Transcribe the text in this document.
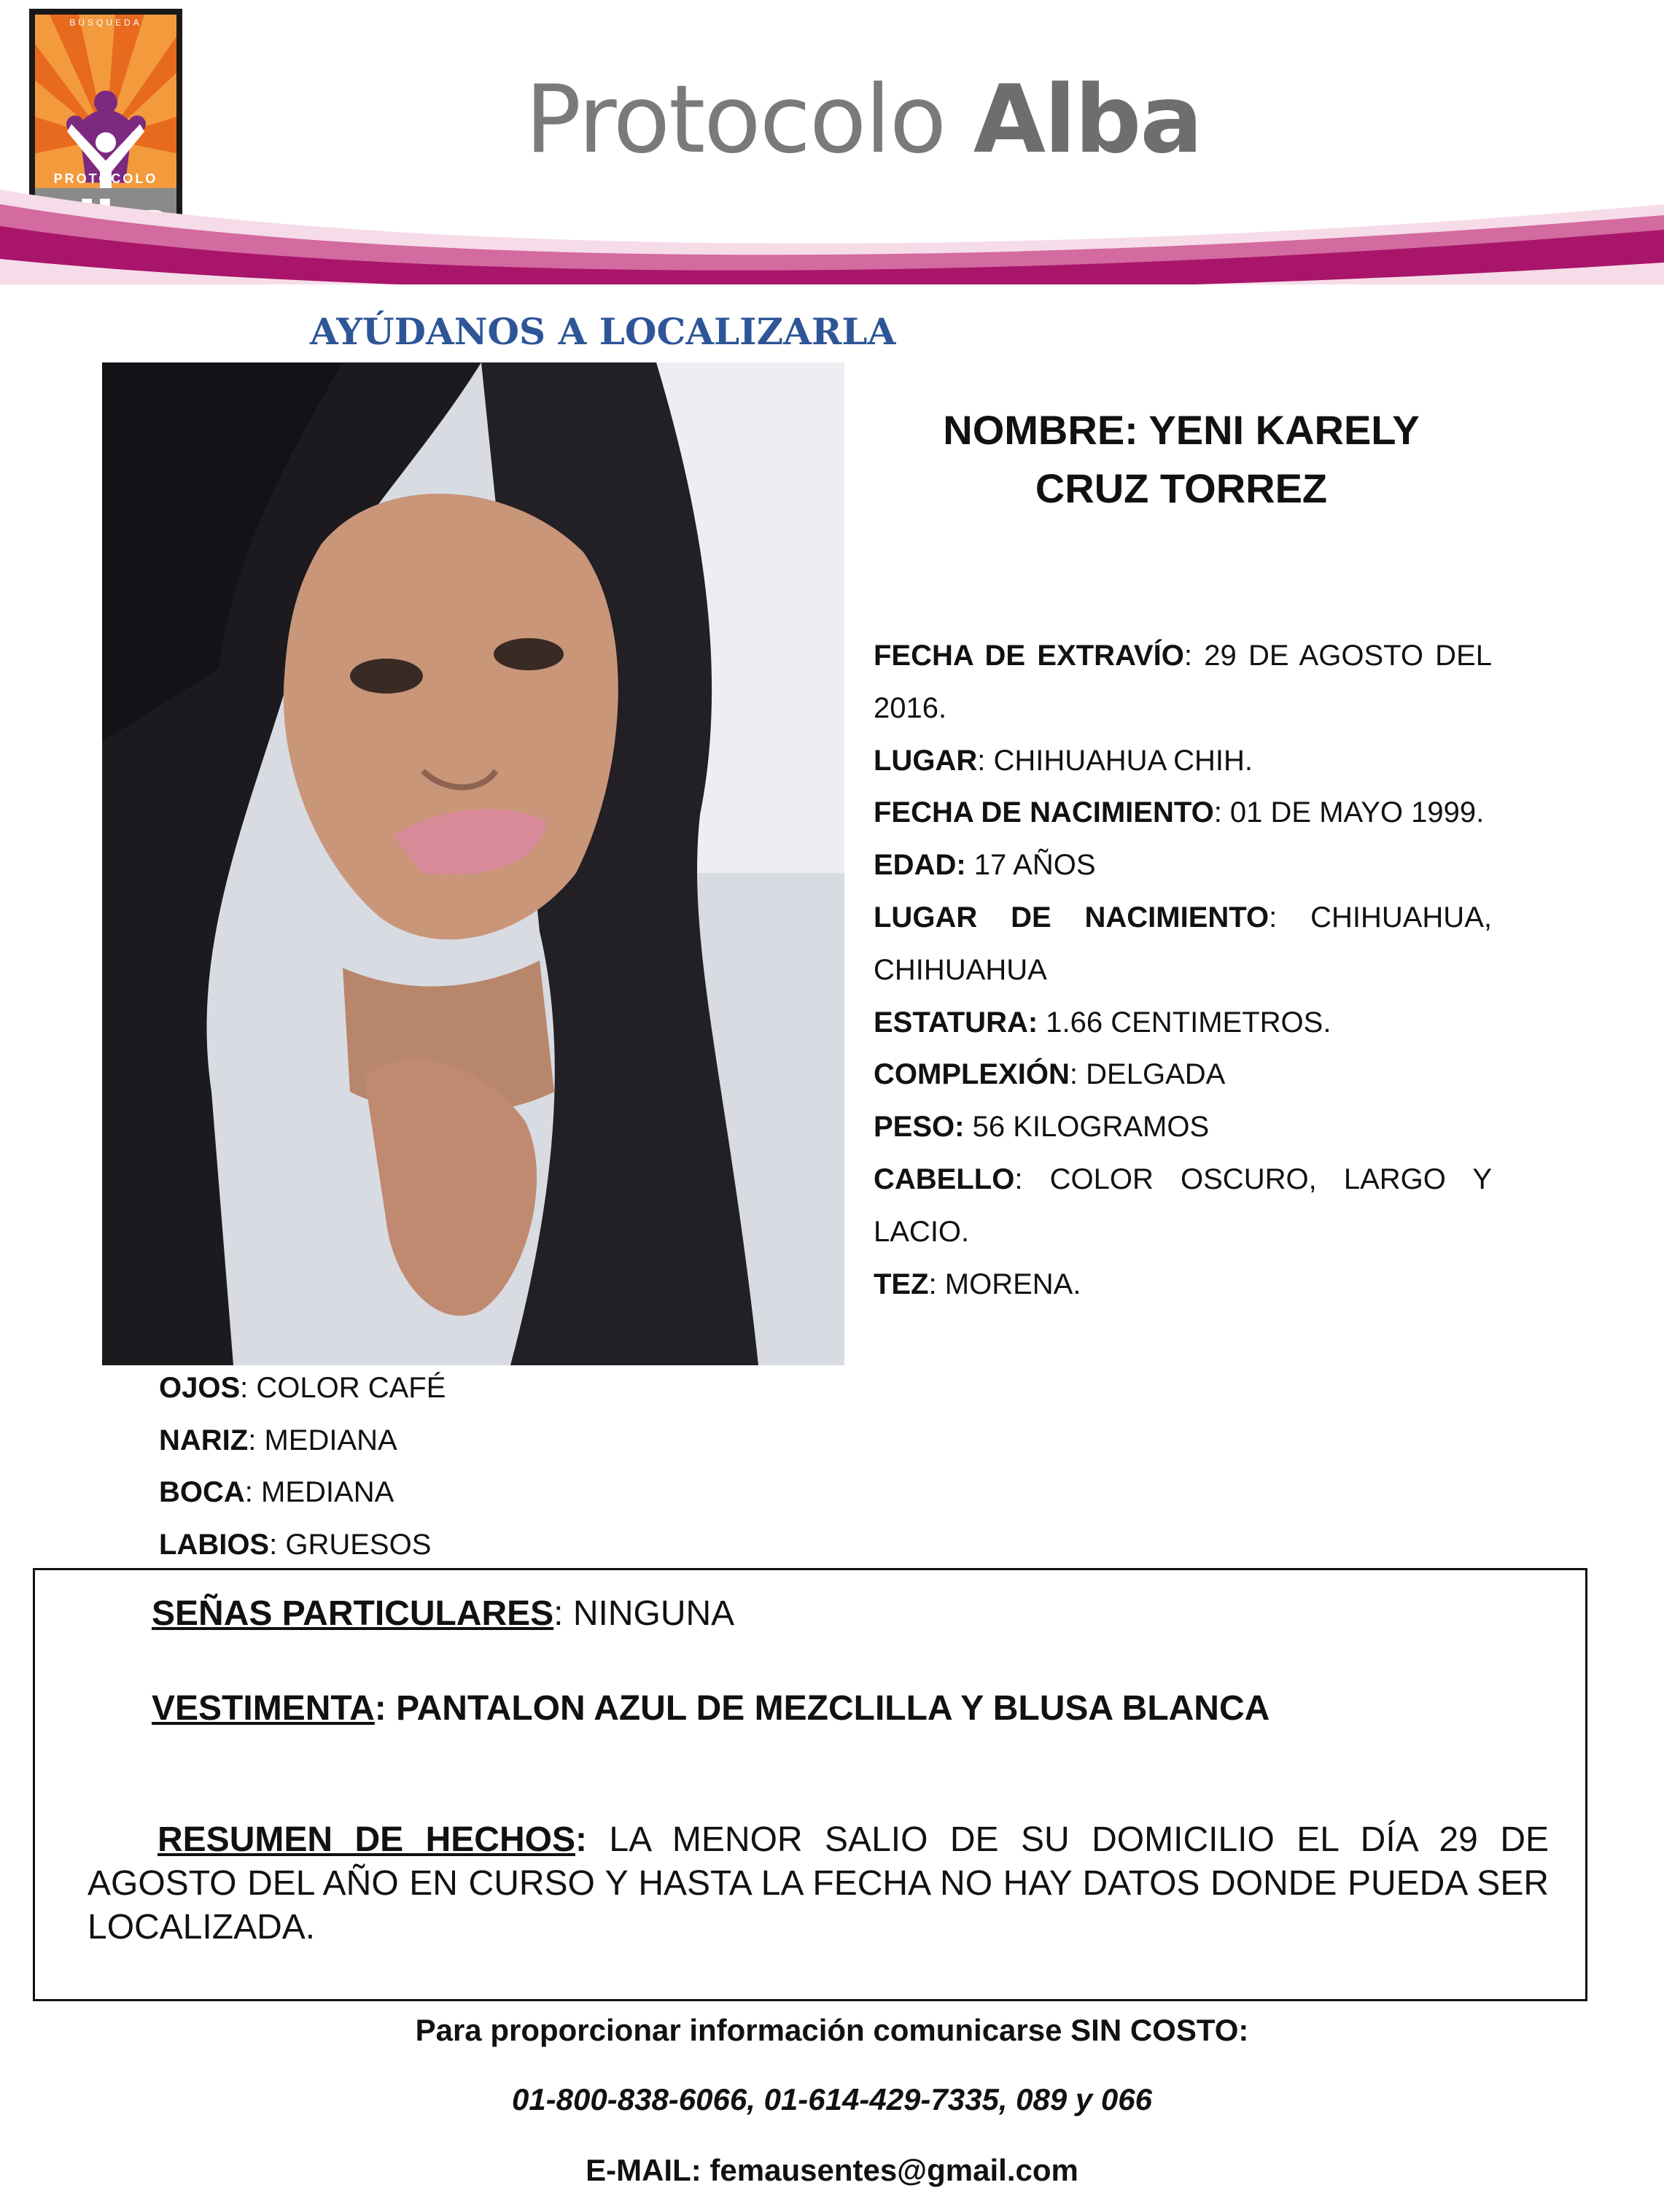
BÚSQUEDA
PROTOCOLO
Protocolo Alba
AYÚDANOS A LOCALIZARLA
NOMBRE: YENI KARELY
CRUZ TORREZ

FECHA DE EXTRAVÍO: 29 DE AGOSTO DEL 2016.

LUGAR: CHIHUAHUA CHIH.

FECHA DE NACIMIENTO: 01 DE MAYO 1999.

EDAD: 17 AÑOS

LUGAR DE NACIMIENTO: CHIHUAHUA, CHIHUAHUA

ESTATURA: 1.66 CENTIMETROS.

COMPLEXIÓN: DELGADA

PESO: 56 KILOGRAMOS

CABELLO: COLOR OSCURO, LARGO Y LACIO.

TEZ: MORENA.

OJOS: COLOR CAFÉ
NARIZ: MEDIANA
BOCA: MEDIANA
LABIOS: GRUESOS
SEÑAS PARTICULARES: NINGUNA
VESTIMENTA: PANTALON AZUL DE MEZCLILLA Y BLUSA BLANCA
RESUMEN DE HECHOS: LA MENOR SALIO DE SU DOMICILIO EL DÍA 29 DE AGOSTO DEL AÑO EN CURSO Y HASTA LA FECHA NO HAY DATOS DONDE PUEDA SER LOCALIZADA.
Para proporcionar información comunicarse SIN COSTO:
01-800-838-6066, 01-614-429-7335, 089 y 066
E-MAIL: femausentes@gmail.com
